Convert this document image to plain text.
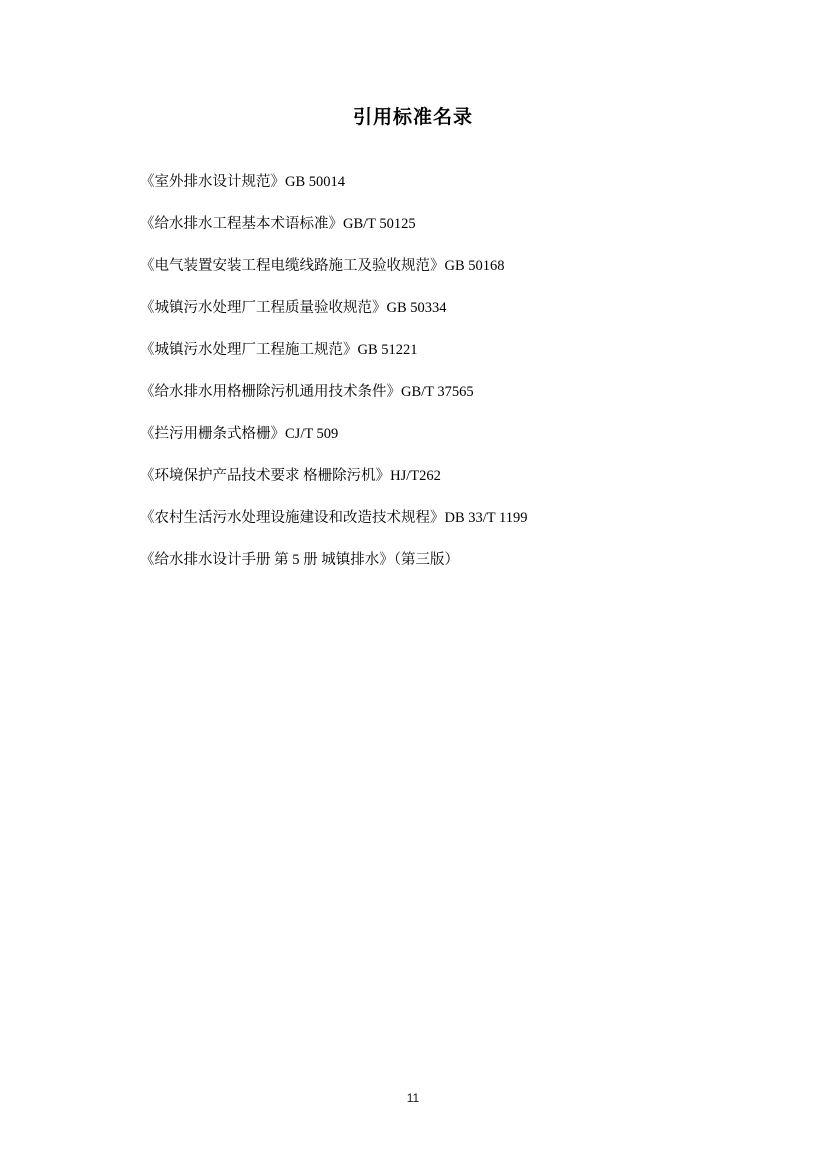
引用标准名录

《室外排水设计规范》GB 50014

《给水排水工程基本术语标准》GB/T 50125

《电气装置安装工程电缆线路施工及验收规范》GB 50168

《城镇污水处理厂工程质量验收规范》GB 50334

《城镇污水处理厂工程施工规范》GB 51221

《给水排水用格栅除污机通用技术条件》GB/T 37565

《拦污用栅条式格栅》CJ/T 509

《环境保护产品技术要求 格栅除污机》HJ/T262

《农村生活污水处理设施建设和改造技术规程》DB 33/T 1199

《给水排水设计手册 第 5 册 城镇排水》（第三版）

11
